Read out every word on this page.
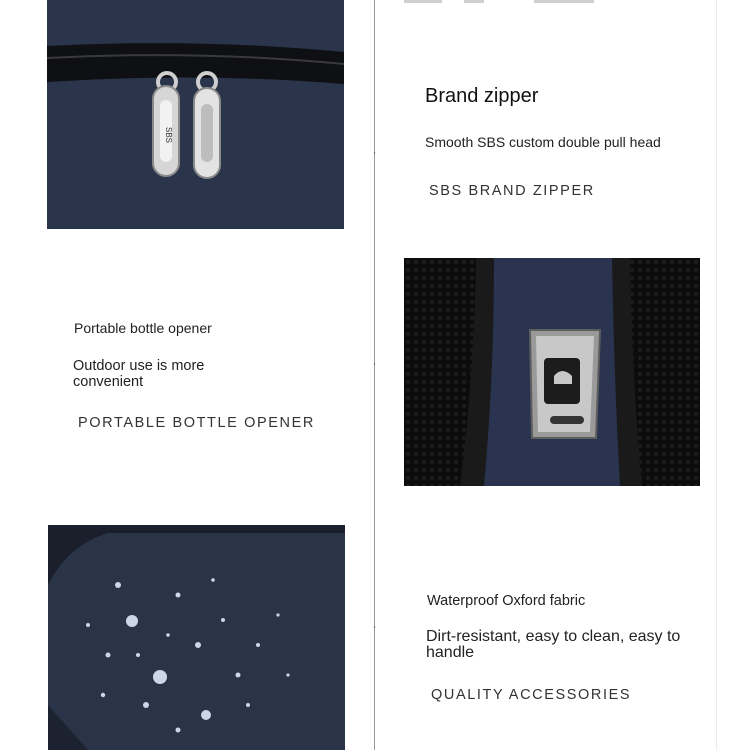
‘
‘
‘
SBS
Brand zipper
Smooth SBS custom double pull head
SBS BRAND ZIPPER
Portable bottle opener
Outdoor use is more convenient
PORTABLE BOTTLE OPENER
Waterproof Oxford fabric
Dirt-resistant, easy to clean, easy to handle
QUALITY ACCESSORIES
